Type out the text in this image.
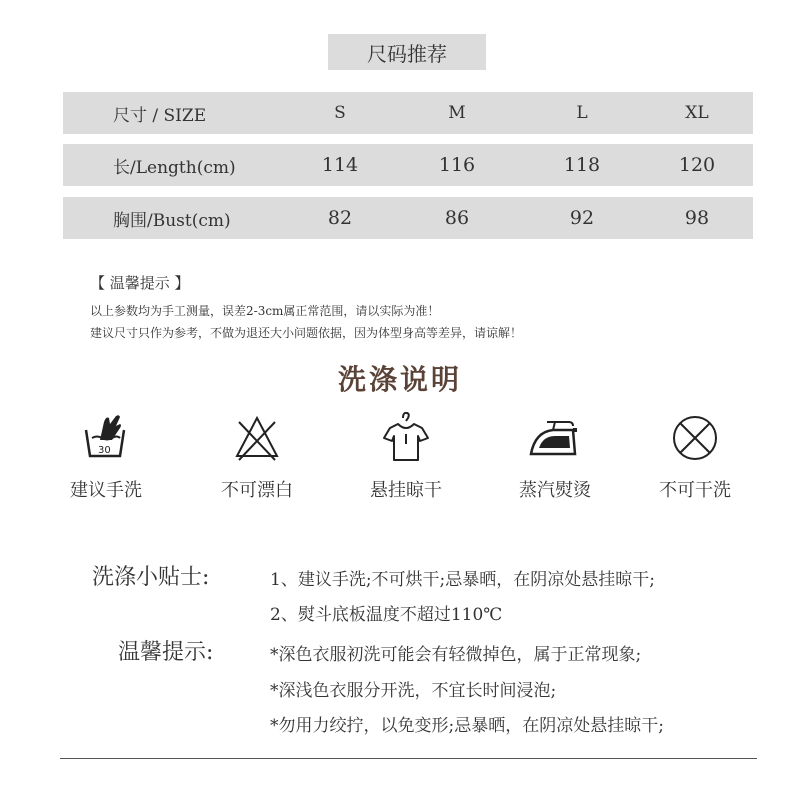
尺码推荐
尺寸 / SIZE	S	M	L	XL
长/Length(cm)	114	116	118	120
胸围/Bust(cm)	82	86	92	98
【 温馨提示 】
以上参数均为手工测量，误差2-3cm属正常范围，请以实际为准！
建议尺寸只作为参考，不做为退还大小问题依据，因为体型身高等差异，请谅解！
洗涤说明
30
建议手洗	不可漂白	悬挂晾干	蒸汽熨烫	不可干洗
洗涤小贴士:	1、建议手洗;不可烘干;忌暴晒，在阴凉处悬挂晾干;
2、熨斗底板温度不超过110℃
温馨提示:	*深色衣服初洗可能会有轻微掉色，属于正常现象;
*深浅色衣服分开洗，不宜长时间浸泡;
*勿用力绞拧，以免变形;忌暴晒，在阴凉处悬挂晾干;
